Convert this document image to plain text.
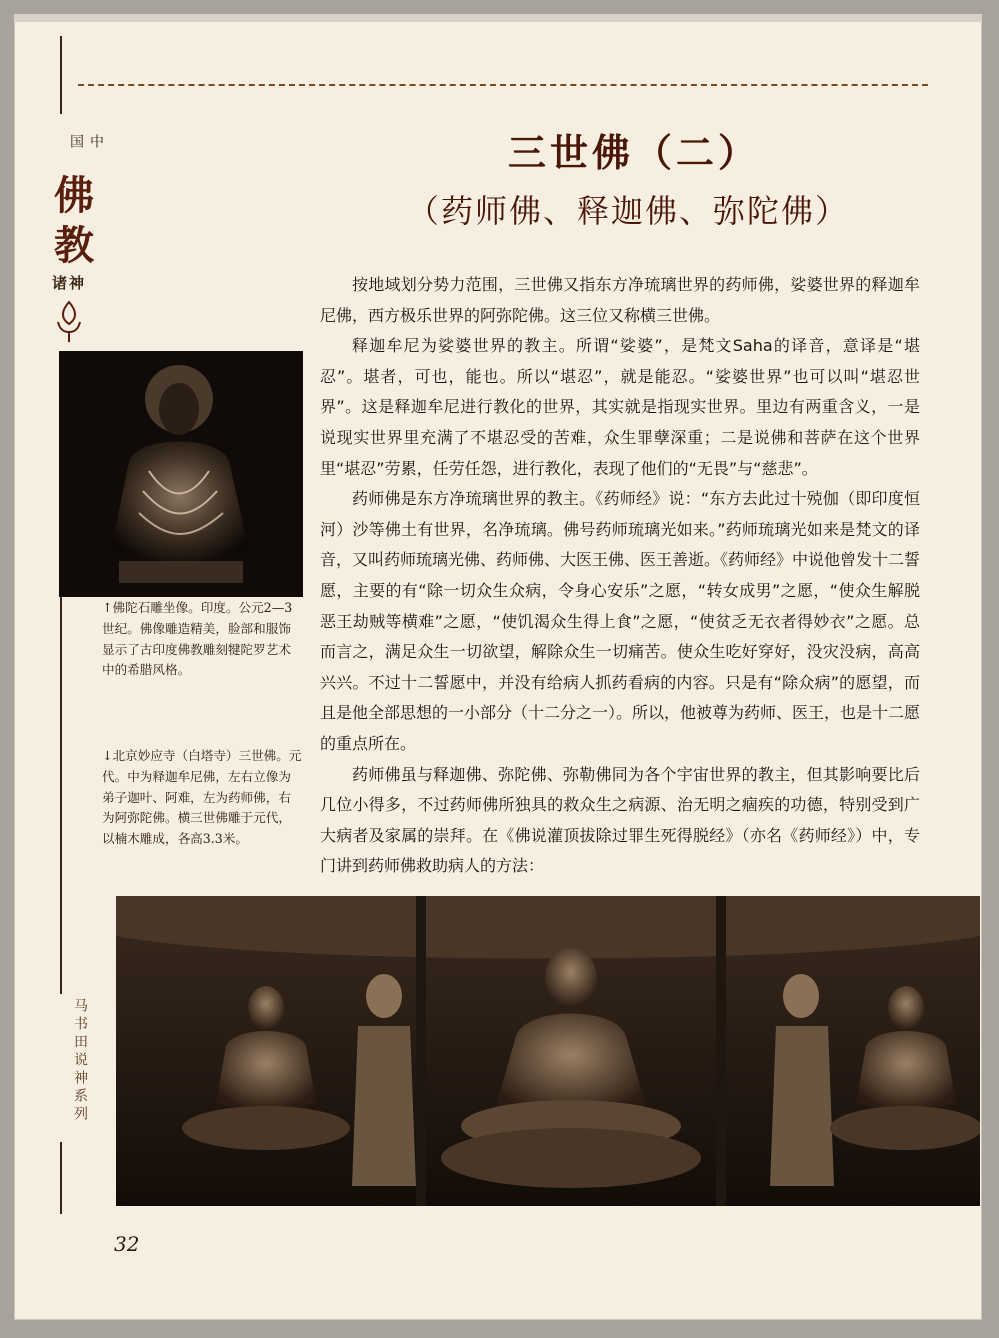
中国
佛
教
诸神
马书田说神系列
三世佛（二）
（药师佛、释迦佛、弥陀佛）

按地域划分势力范围，三世佛又指东方净琉璃世界的药师佛，娑婆世界的释迦牟尼佛，西方极乐世界的阿弥陀佛。这三位又称横三世佛。

释迦牟尼为娑婆世界的教主。所谓“娑婆”，是梵文Saha的译音，意译是“堪忍”。堪者，可也，能也。所以“堪忍”，就是能忍。“娑婆世界”也可以叫“堪忍世界”。这是释迦牟尼进行教化的世界，其实就是指现实世界。里边有两重含义，一是说现实世界里充满了不堪忍受的苦难，众生罪孽深重；二是说佛和菩萨在这个世界里“堪忍”劳累，任劳任怨，进行教化，表现了他们的“无畏”与“慈悲”。

药师佛是东方净琉璃世界的教主。《药师经》说：“东方去此过十殑伽（即印度恒河）沙等佛土有世界，名净琉璃。佛号药师琉璃光如来。”药师琉璃光如来是梵文的译音，又叫药师琉璃光佛、药师佛、大医王佛、医王善逝。《药师经》中说他曾发十二誓愿，主要的有“除一切众生众病，令身心安乐”之愿，“转女成男”之愿，“使众生解脱恶王劫贼等横难”之愿，“使饥渴众生得上食”之愿，“使贫乏无衣者得妙衣”之愿。总而言之，满足众生一切欲望，解除众生一切痛苦。使众生吃好穿好，没灾没病，高高兴兴。不过十二誓愿中，并没有给病人抓药看病的内容。只是有“除众病”的愿望，而且是他全部思想的一小部分（十二分之一）。所以，他被尊为药师、医王，也是十二愿的重点所在。

药师佛虽与释迦佛、弥陀佛、弥勒佛同为各个宇宙世界的教主，但其影响要比后几位小得多，不过药师佛所独具的救众生之病源、治无明之痼疾的功德，特别受到广大病者及家属的崇拜。在《佛说灌顶拔除过罪生死得脱经》（亦名《药师经》）中，专门讲到药师佛救助病人的方法：

↑佛陀石雕坐像。印度。公元2—3世纪。佛像雕造精美，脸部和服饰显示了古印度佛教雕刻犍陀罗艺术中的希腊风格。
↓北京妙应寺（白塔寺）三世佛。元代。中为释迦牟尼佛，左右立像为弟子迦叶、阿难，左为药师佛，右为阿弥陀佛。横三世佛雕于元代，以楠木雕成，各高3.3米。
32
